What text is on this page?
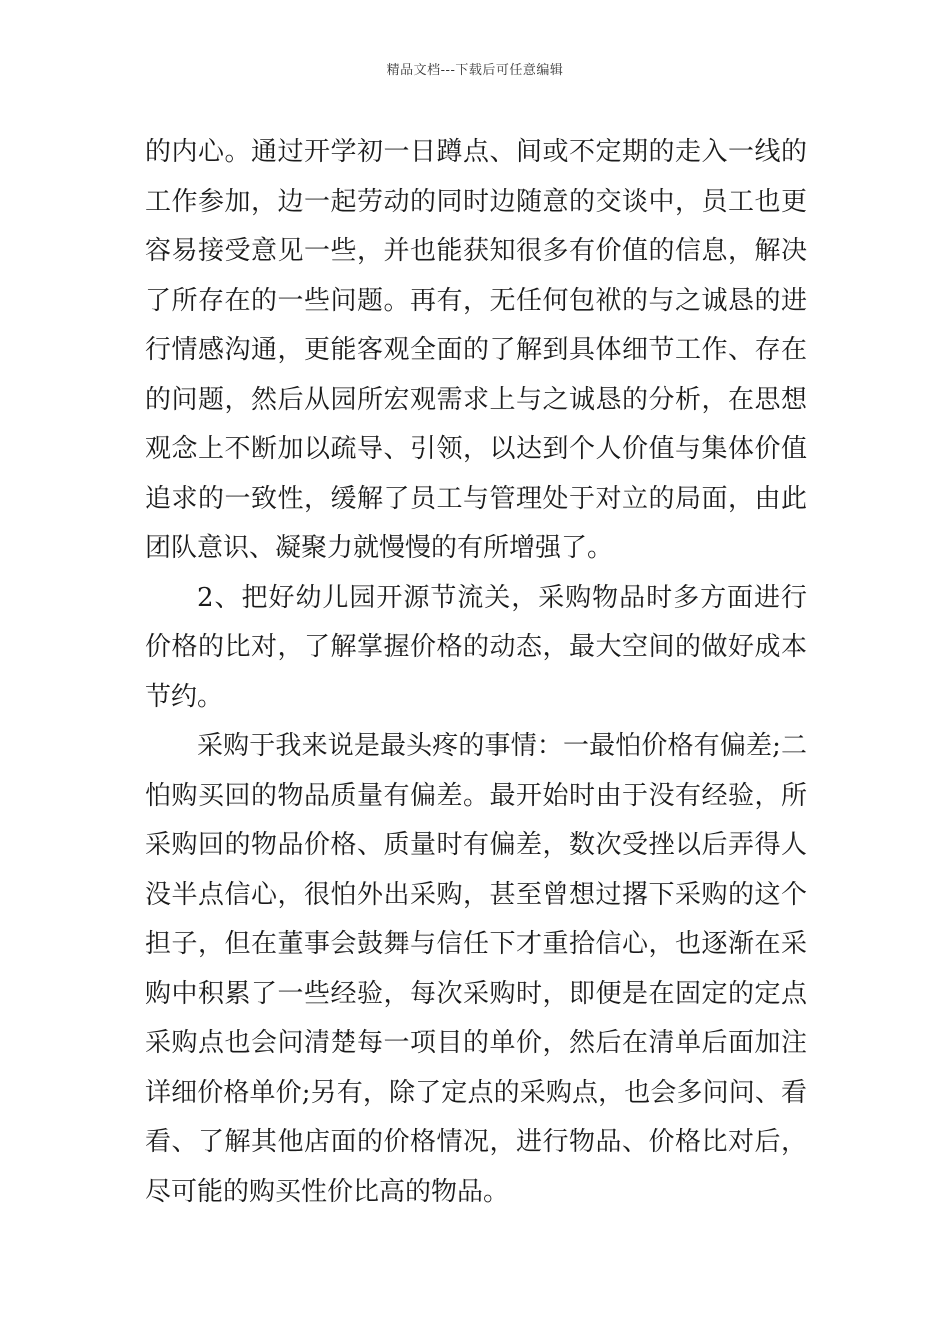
精品文档---下载后可任意编辑

的内心。通过开学初一日蹲点、间或不定期的走入一线的工作参加，边一起劳动的同时边随意的交谈中，员工也更容易接受意见一些，并也能获知很多有价值的信息，解决了所存在的一些问题。再有，无任何包袱的与之诚恳的进行情感沟通，更能客观全面的了解到具体细节工作、存在的问题，然后从园所宏观需求上与之诚恳的分析，在思想观念上不断加以疏导、引领，以达到个人价值与集体价值追求的一致性，缓解了员工与管理处于对立的局面，由此团队意识、凝聚力就慢慢的有所增强了。

2、把好幼儿园开源节流关，采购物品时多方面进行价格的比对，了解掌握价格的动态，最大空间的做好成本节约。

采购于我来说是最头疼的事情：一最怕价格有偏差;二怕购买回的物品质量有偏差。最开始时由于没有经验，所采购回的物品价格、质量时有偏差，数次受挫以后弄得人没半点信心，很怕外出采购，甚至曾想过撂下采购的这个担子，但在董事会鼓舞与信任下才重拾信心，也逐渐在采购中积累了一些经验，每次采购时，即便是在固定的定点采购点也会问清楚每一项目的单价，然后在清单后面加注详细价格单价;另有，除了定点的采购点，也会多问问、看看、了解其他店面的价格情况，进行物品、价格比对后，尽可能的购买性价比高的物品。
